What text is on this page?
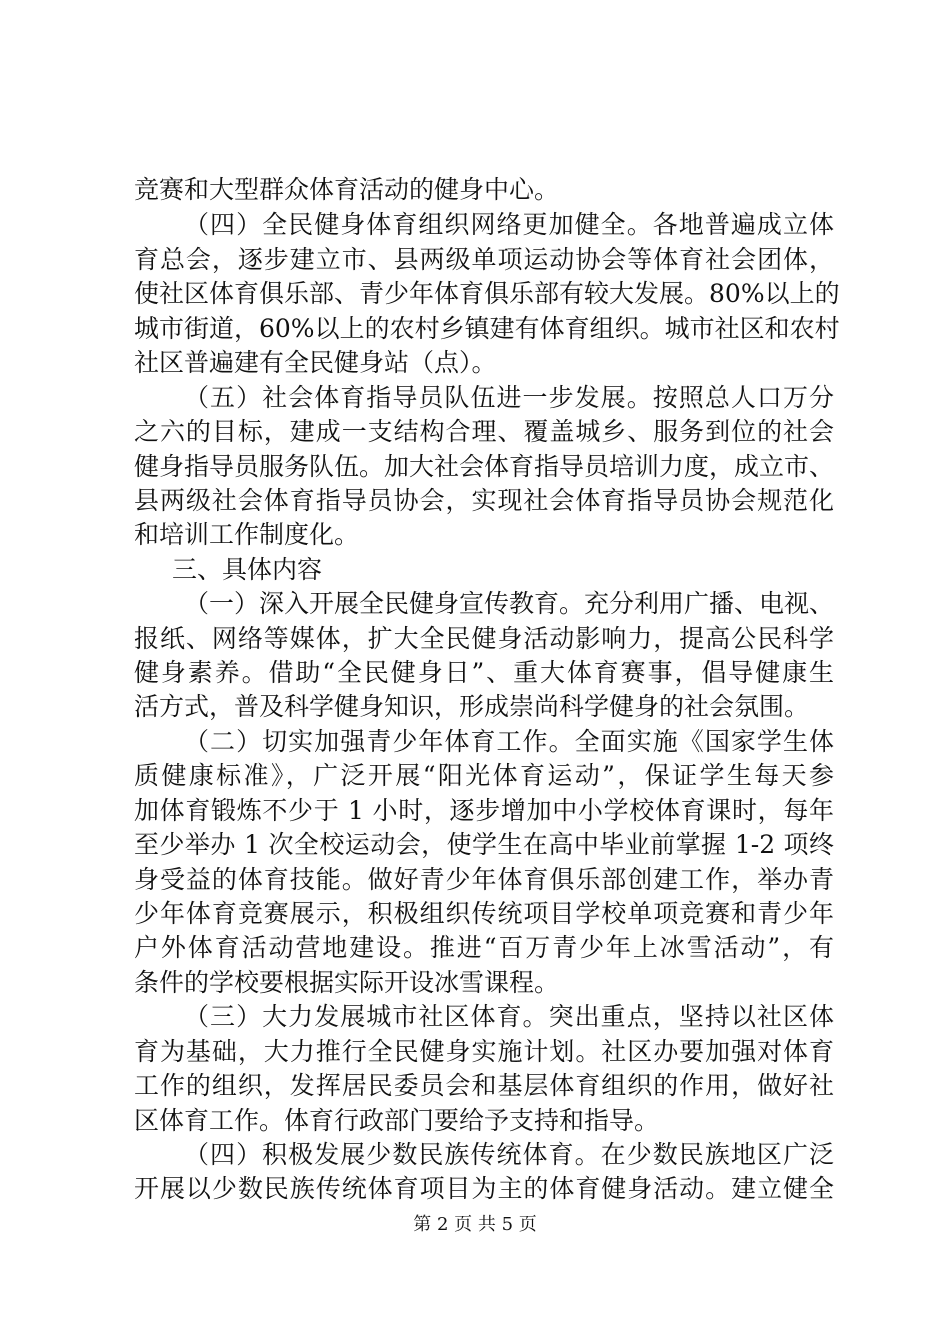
竞赛和大型群众体育活动的健身中心。
（四）全民健身体育组织网络更加健全。各地普遍成立体
育总会，逐步建立市、县两级单项运动协会等体育社会团体，
使社区体育俱乐部、青少年体育俱乐部有较大发展。80%以上的
城市街道，60%以上的农村乡镇建有体育组织。城市社区和农村
社区普遍建有全民健身站（点）。
（五）社会体育指导员队伍进一步发展。按照总人口万分
之六的目标，建成一支结构合理、覆盖城乡、服务到位的社会
健身指导员服务队伍。加大社会体育指导员培训力度，成立市、
县两级社会体育指导员协会，实现社会体育指导员协会规范化
和培训工作制度化。
三、具体内容
（一）深入开展全民健身宣传教育。充分利用广播、电视、
报纸、网络等媒体，扩大全民健身活动影响力，提高公民科学
健身素养。借助“全民健身日”、重大体育赛事，倡导健康生
活方式，普及科学健身知识，形成崇尚科学健身的社会氛围。
（二）切实加强青少年体育工作。全面实施《国家学生体
质健康标准》，广泛开展“阳光体育运动”，保证学生每天参
加体育锻炼不少于 1 小时，逐步增加中小学校体育课时，每年
至少举办 1 次全校运动会，使学生在高中毕业前掌握 1-2 项终
身受益的体育技能。做好青少年体育俱乐部创建工作，举办青
少年体育竞赛展示，积极组织传统项目学校单项竞赛和青少年
户外体育活动营地建设。推进“百万青少年上冰雪活动”，有
条件的学校要根据实际开设冰雪课程。
（三）大力发展城市社区体育。突出重点，坚持以社区体
育为基础，大力推行全民健身实施计划。社区办要加强对体育
工作的组织，发挥居民委员会和基层体育组织的作用，做好社
区体育工作。体育行政部门要给予支持和指导。
（四）积极发展少数民族传统体育。在少数民族地区广泛
开展以少数民族传统体育项目为主的体育健身活动。建立健全
第 2 页 共 5 页
